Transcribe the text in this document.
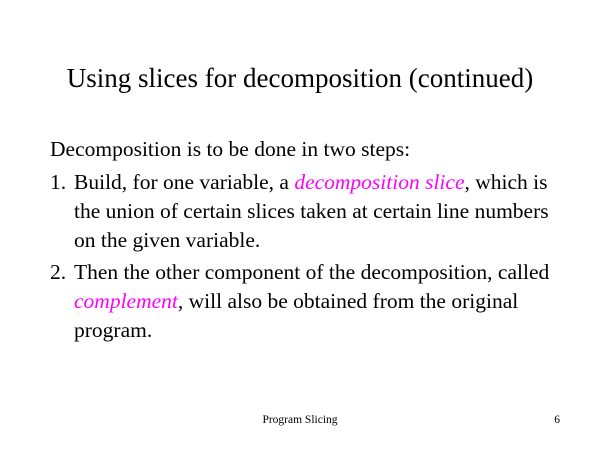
Using slices for decomposition (continued)
Decomposition is to be done in two steps:
1. Build, for one variable, a decomposition slice, which is the union of certain slices taken at certain line numbers on the given variable.
2. Then the other component of the decomposition, called complement, will also be obtained from the original program.
Program Slicing	6
